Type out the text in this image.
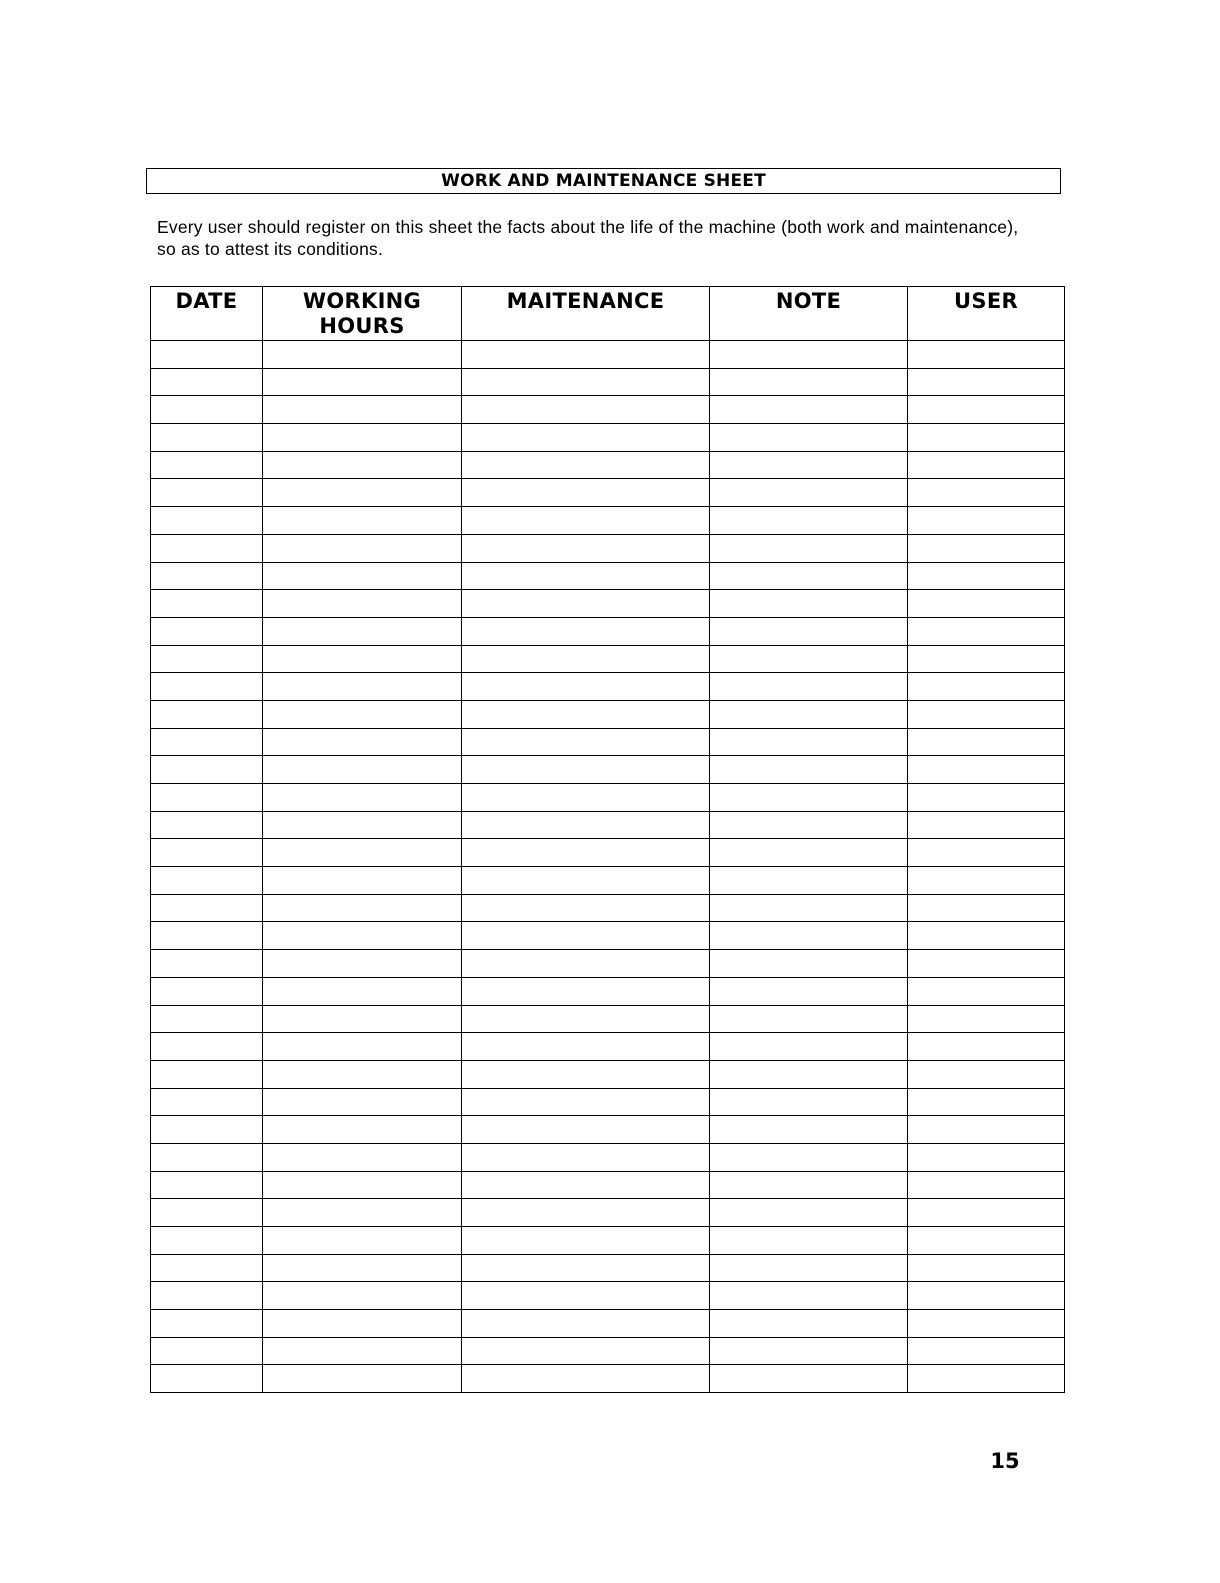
WORK AND MAINTENANCE SHEET
Every user should register on this sheet the facts about the life of the machine (both work and maintenance),
so as to attest its conditions.
DATE	WORKING HOURS	MAITENANCE	NOTE	USER

15
